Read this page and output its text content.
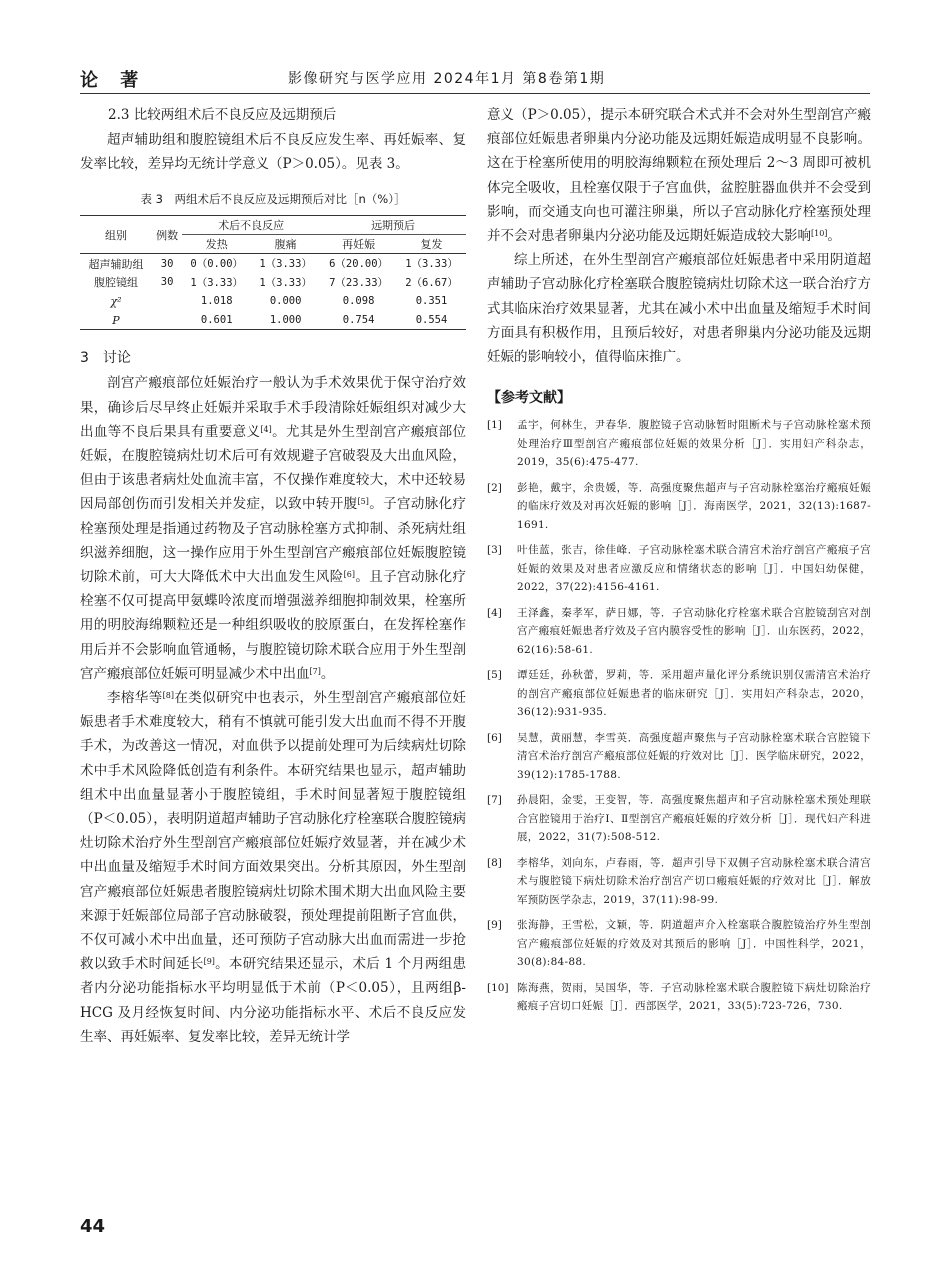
论 著	影像研究与医学应用 2024年1月 第8卷第1期
2.3 比较两组术后不良反应及远期预后
超声辅助组和腹腔镜组术后不良反应发生率、再妊娠率、复发率比较，差异均无统计学意义（P＞0.05）。见表 3。
表 3　两组术后不良反应及远期预后对比［n（%）］
组别	例数	术后不良反应		远期预后	
		发热	腹痛	再妊娠	复发
超声辅助组	30	0（0.00）	1（3.33）	6（20.00）	1（3.33）
腹腔镜组	30	1（3.33）	1（3.33）	7（23.33）	2（6.67）
χ²		1.018	0.000	0.098	0.351
P		0.601	1.000	0.754	0.554
3　讨论
剖宫产瘢痕部位妊娠治疗一般认为手术效果优于保守治疗效果，确诊后尽早终止妊娠并采取手术手段清除妊娠组织对减少大出血等不良后果具有重要意义[4]。尤其是外生型剖宫产瘢痕部位妊娠，在腹腔镜病灶切术后可有效规避子宫破裂及大出血风险，但由于该患者病灶处血流丰富，不仅操作难度较大，术中还较易因局部创伤而引发相关并发症，以致中转开腹[5]。子宫动脉化疗栓塞预处理是指通过药物及子宫动脉栓塞方式抑制、杀死病灶组织滋养细胞，这一操作应用于外生型剖宫产瘢痕部位妊娠腹腔镜切除术前，可大大降低术中大出血发生风险[6]。且子宫动脉化疗栓塞不仅可提高甲氨蝶呤浓度而增强滋养细胞抑制效果，栓塞所用的明胶海绵颗粒还是一种组织吸收的胶原蛋白，在发挥栓塞作用后并不会影响血管通畅，与腹腔镜切除术联合应用于外生型剖宫产瘢痕部位妊娠可明显减少术中出血[7]。
李榕华等[8]在类似研究中也表示，外生型剖宫产瘢痕部位妊娠患者手术难度较大，稍有不慎就可能引发大出血而不得不开腹手术，为改善这一情况，对血供予以提前处理可为后续病灶切除术中手术风险降低创造有利条件。本研究结果也显示，超声辅助组术中出血量显著小于腹腔镜组，手术时间显著短于腹腔镜组（P＜0.05），表明阴道超声辅助子宫动脉化疗栓塞联合腹腔镜病灶切除术治疗外生型剖宫产瘢痕部位妊娠疗效显著，并在减少术中出血量及缩短手术时间方面效果突出。分析其原因，外生型剖宫产瘢痕部位妊娠患者腹腔镜病灶切除术围术期大出血风险主要来源于妊娠部位局部子宫动脉破裂，预处理提前阻断子宫血供，不仅可减小术中出血量，还可预防子宫动脉大出血而需进一步抢救以致手术时间延长[9]。本研究结果还显示，术后 1 个月两组患者内分泌功能指标水平均明显低于术前（P＜0.05），且两组β-HCG 及月经恢复时间、内分泌功能指标水平、术后不良反应发生率、再妊娠率、复发率比较，差异无统计学
意义（P＞0.05），提示本研究联合术式并不会对外生型剖宫产瘢痕部位妊娠患者卵巢内分泌功能及远期妊娠造成明显不良影响。这在于栓塞所使用的明胶海绵颗粒在预处理后 2～3 周即可被机体完全吸收，且栓塞仅限于子宫血供，盆腔脏器血供并不会受到影响，而交通支向也可灌注卵巢，所以子宫动脉化疗栓塞预处理并不会对患者卵巢内分泌功能及远期妊娠造成较大影响[10]。
综上所述，在外生型剖宫产瘢痕部位妊娠患者中采用阴道超声辅助子宫动脉化疗栓塞联合腹腔镜病灶切除术这一联合治疗方式其临床治疗效果显著，尤其在减小术中出血量及缩短手术时间方面具有积极作用，且预后较好，对患者卵巢内分泌功能及远期妊娠的影响较小，值得临床推广。
【参考文献】
[1]	孟宇，何林生，尹春华．腹腔镜子宫动脉暂时阻断术与子宫动脉栓塞术预处理治疗Ⅲ型剖宫产瘢痕部位妊娠的效果分析［J］．实用妇产科杂志，2019，35(6):475-477.
[2]	彭艳，戴宇，余贵媛，等．高强度聚焦超声与子宫动脉栓塞治疗瘢痕妊娠的临床疗效及对再次妊娠的影响［J］．海南医学，2021，32(13):1687-1691.
[3]	叶佳蓝，张吉，徐佳峰．子宫动脉栓塞术联合清宫术治疗剖宫产瘢痕子宫妊娠的效果及对患者应激反应和情绪状态的影响［J］．中国妇幼保健，2022，37(22):4156-4161.
[4]	王泽鑫，秦孝军，萨日娜，等．子宫动脉化疗栓塞术联合宫腔镜刮宫对剖宫产瘢痕妊娠患者疗效及子宫内膜容受性的影响［J］．山东医药，2022，62(16):58-61.
[5]	谭廷廷，孙秋蕾，罗莉，等．采用超声量化评分系统识别仅需清宫术治疗的剖宫产瘢痕部位妊娠患者的临床研究［J］．实用妇产科杂志，2020，36(12):931-935.
[6]	吴慧，黄丽慧，李雪英．高强度超声聚焦与子宫动脉栓塞术联合宫腔镜下清宫术治疗剖宫产瘢痕部位妊娠的疗效对比［J］．医学临床研究，2022，39(12):1785-1788.
[7]	孙晨阳，金雯，王变智，等．高强度聚焦超声和子宫动脉栓塞术预处理联合宫腔镜用于治疗Ⅰ、Ⅱ型剖宫产瘢痕妊娠的疗效分析［J］．现代妇产科进展，2022，31(7):508-512.
[8]	李榕华，刘向东，卢春雨，等．超声引导下双侧子宫动脉栓塞术联合清宫术与腹腔镜下病灶切除术治疗剖宫产切口瘢痕妊娠的疗效对比［J］．解放军预防医学杂志，2019，37(11):98-99.
[9]	张海静，王雪松，文颖，等．阴道超声介入栓塞联合腹腔镜治疗外生型剖宫产瘢痕部位妊娠的疗效及对其预后的影响［J］．中国性科学，2021，30(8):84-88.
[10] 陈海燕，贺雨，吴国华，等．子宫动脉栓塞术联合腹腔镜下病灶切除治疗瘢痕子宫切口妊娠［J］．西部医学，2021，33(5):723-726，730.
44
